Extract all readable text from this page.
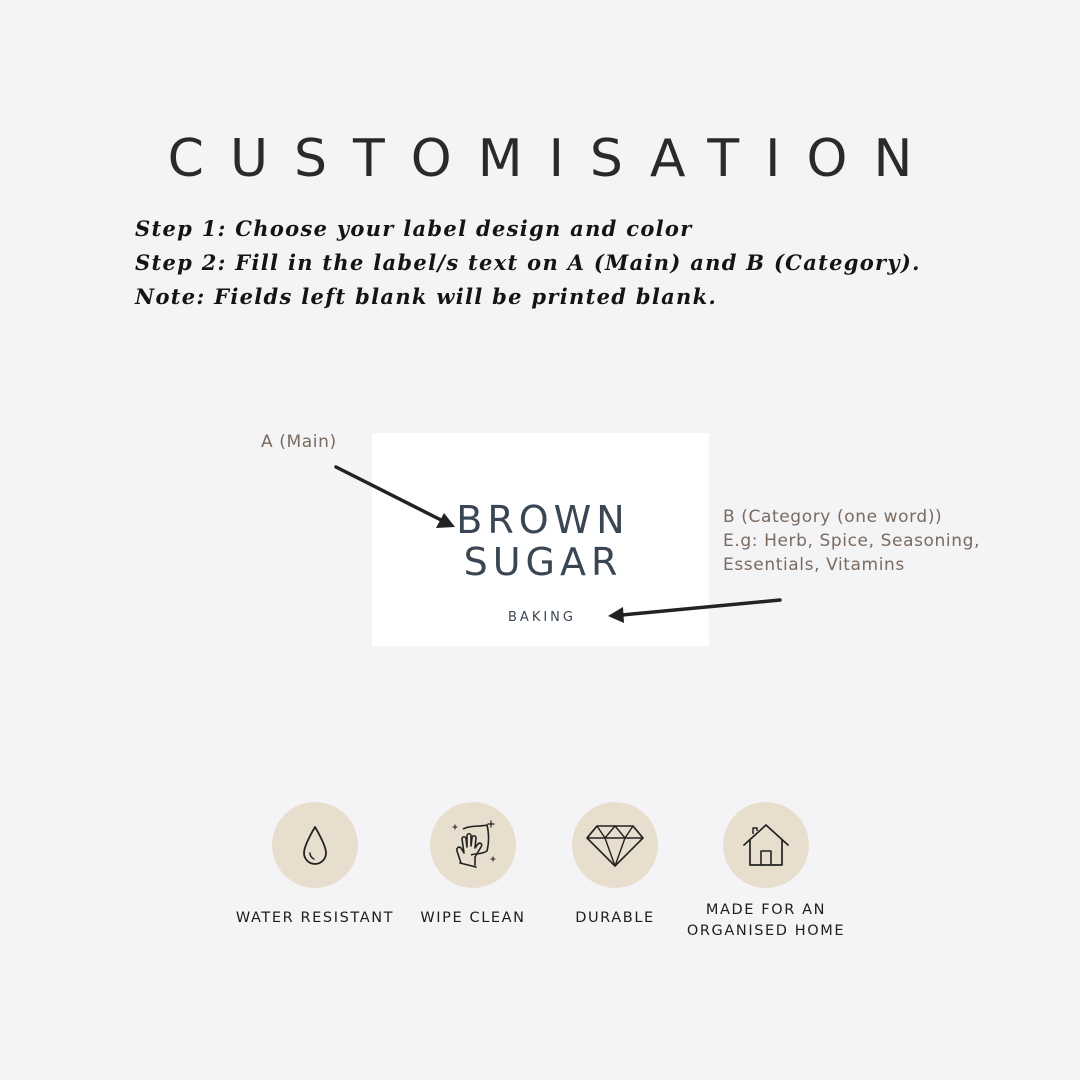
CUSTOMISATION
Step 1: Choose your label design and color
Step 2: Fill in the label/s text on A (Main) and B (Category).
Note: Fields left blank will be printed blank.
A (Main)
B (Category (one word))
E.g: Herb, Spice, Seasoning,
Essentials, Vitamins
BROWN
SUGAR
BAKING
WATER RESISTANT	WIPE CLEAN	DURABLE	MADE FOR AN
ORGANISED HOME
